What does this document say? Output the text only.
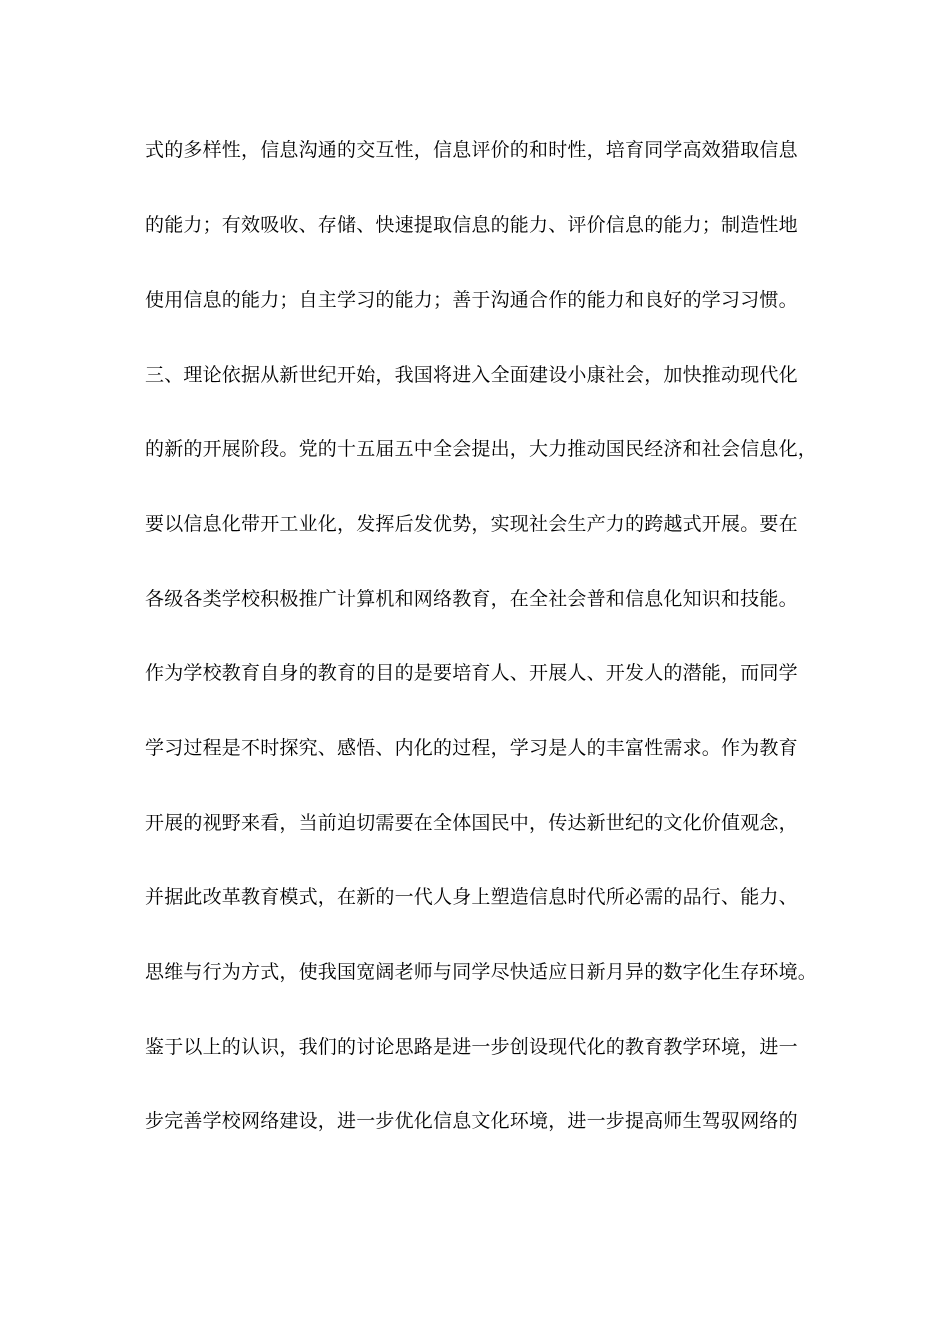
式的多样性，信息沟通的交互性，信息评价的和时性，培育同学高效猎取信息
的能力；有效吸收、存储、快速提取信息的能力、评价信息的能力；制造性地
使用信息的能力；自主学习的能力；善于沟通合作的能力和良好的学习习惯。
三、理论依据从新世纪开始，我国将进入全面建设小康社会，加快推动现代化
的新的开展阶段。党的十五届五中全会提出，大力推动国民经济和社会信息化，
要以信息化带开工业化，发挥后发优势，实现社会生产力的跨越式开展。要在
各级各类学校积极推广计算机和网络教育，在全社会普和信息化知识和技能。
作为学校教育自身的教育的目的是要培育人、开展人、开发人的潜能，而同学
学习过程是不时探究、感悟、内化的过程，学习是人的丰富性需求。作为教育
开展的视野来看，当前迫切需要在全体国民中，传达新世纪的文化价值观念，
并据此改革教育模式，在新的一代人身上塑造信息时代所必需的品行、能力、
思维与行为方式，使我国宽阔老师与同学尽快适应日新月异的数字化生存环境。
鉴于以上的认识，我们的讨论思路是进一步创设现代化的教育教学环境，进一
步完善学校网络建设，进一步优化信息文化环境，进一步提高师生驾驭网络的
